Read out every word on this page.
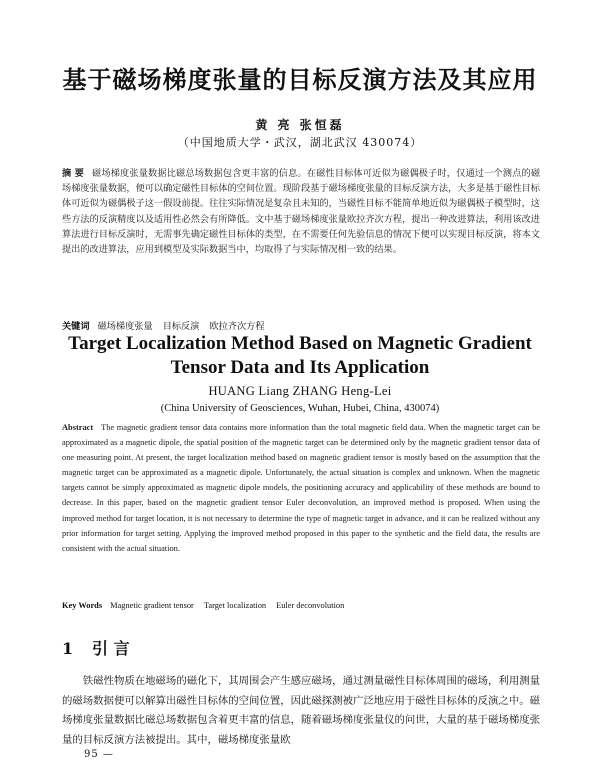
基于磁场梯度张量的目标反演方法及其应用
黄 亮 张恒磊
（中国地质大学・武汉，湖北武汉 430074）
摘 要 磁场梯度张量数据比磁总场数据包含更丰富的信息。在磁性目标体可近似为磁偶极子时，仅通过一个测点的磁场梯度张量数据，便可以确定磁性目标体的空间位置。现阶段基于磁场梯度张量的目标反演方法，大多是基于磁性目标体可近似为磁偶极子这一假设前提。往往实际情况是复杂且未知的，当磁性目标不能简单地近似为磁偶极子模型时，这些方法的反演精度以及适用性必然会有所降低。文中基于磁场梯度张量欧拉齐次方程，提出一种改进算法，利用该改进算法进行目标反演时，无需事先确定磁性目标体的类型，在不需要任何先验信息的情况下便可以实现目标反演，将本文提出的改进算法，应用到模型及实际数据当中，均取得了与实际情况相一致的结果。
关键词 磁场梯度张量 目标反演 欧拉齐次方程
Target Localization Method Based on Magnetic Gradient
Tensor Data and Its Application
HUANG Liang ZHANG Heng-Lei
(China University of Geosciences, Wuhan, Hubei, China, 430074)
Abstract The magnetic gradient tensor data contains more information than the total magnetic field data. When the magnetic target can be approximated as a magnetic dipole, the spatial position of the magnetic target can be determined only by the magnetic gradient tensor data of one measuring point. At present, the target localization method based on magnetic gradient tensor is mostly based on the assumption that the magnetic target can be approximated as a magnetic dipole. Unfortunately, the actual situation is complex and unknown. When the magnetic targets cannot be simply approximated as magnetic dipole models, the positioning accuracy and applicability of these methods are bound to decrease. In this paper, based on the magnetic gradient tensor Euler deconvolution, an improved method is proposed. When using the improved method for target location, it is not necessary to determine the type of magnetic target in advance, and it can be realized without any prior information for target setting. Applying the improved method proposed in this paper to the synthetic and the field data, the results are consistent with the actual situation.
Key Words Magnetic gradient tensor Target localization Euler deconvolution
1 引 言
铁磁性物质在地磁场的磁化下，其周围会产生感应磁场，通过测量磁性目标体周围的磁场，利用测量的磁场数据便可以解算出磁性目标体的空间位置，因此磁探测被广泛地应用于磁性目标体的反演之中。磁场梯度张量数据比磁总场数据包含着更丰富的信息，随着磁场梯度张量仪的问世，大量的基于磁场梯度张量的目标反演方法被提出。其中，磁场梯度张量欧
95 —
